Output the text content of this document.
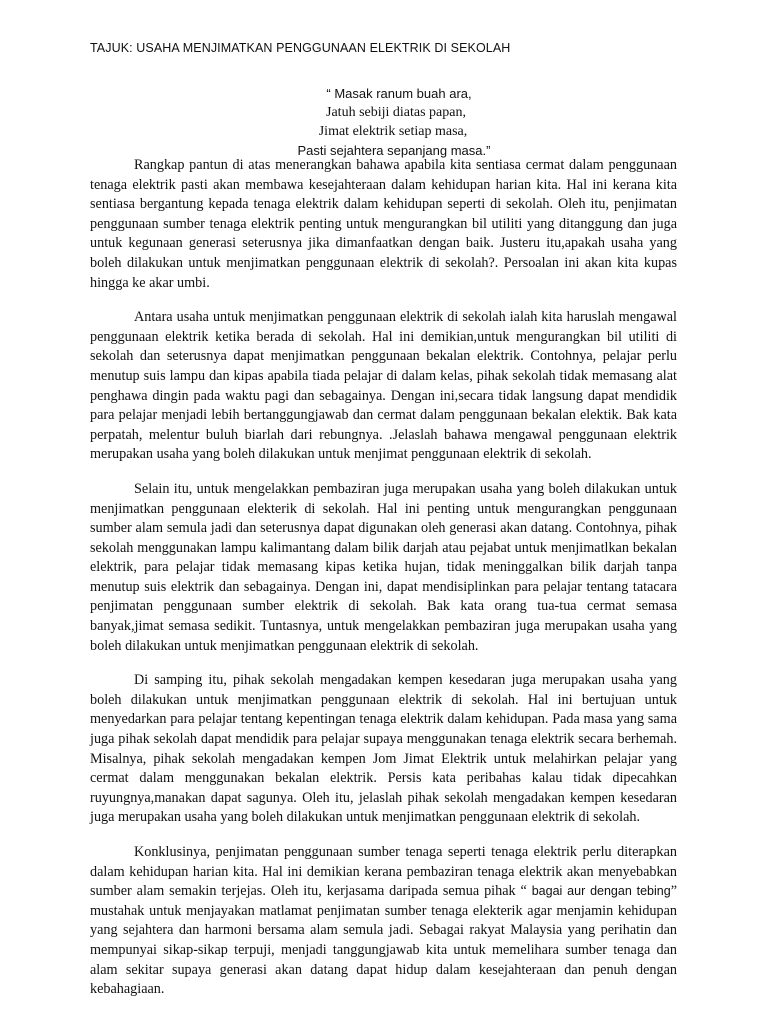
TAJUK: USAHA MENJIMATKAN PENGGUNAAN ELEKTRIK DI SEKOLAH
“ Masak ranum buah ara,
Jatuh sebiji diatas papan,
Jimat elektrik setiap masa,
Pasti sejahtera sepanjang masa.”

Rangkap pantun di atas menerangkan bahawa apabila kita sentiasa cermat dalam penggunaan tenaga elektrik pasti akan membawa kesejahteraan dalam kehidupan harian kita. Hal ini kerana kita sentiasa bergantung kepada tenaga elektrik dalam kehidupan seperti di sekolah. Oleh itu, penjimatan penggunaan sumber tenaga elektrik penting untuk mengurangkan bil utiliti yang ditanggung dan juga untuk kegunaan generasi seterusnya jika dimanfaatkan dengan baik. Justeru itu,apakah usaha yang boleh dilakukan untuk menjimatkan penggunaan elektrik di sekolah?. Persoalan ini akan kita kupas hingga ke akar umbi.

Antara usaha untuk menjimatkan penggunaan elektrik di sekolah ialah kita haruslah mengawal penggunaan elektrik ketika berada di sekolah. Hal ini demikian,untuk mengurangkan bil utiliti di sekolah dan seterusnya dapat menjimatkan penggunaan bekalan elektrik. Contohnya, pelajar perlu menutup suis lampu dan kipas apabila tiada pelajar di dalam kelas, pihak sekolah tidak memasang alat penghawa dingin pada waktu pagi dan sebagainya. Dengan ini,secara tidak langsung dapat mendidik para pelajar menjadi lebih bertanggungjawab dan cermat dalam penggunaan bekalan elektik. Bak kata perpatah, melentur buluh biarlah dari rebungnya. .Jelaslah bahawa mengawal penggunaan elektrik merupakan usaha yang boleh dilakukan untuk menjimat penggunaan elektrik di sekolah.

Selain itu, untuk mengelakkan pembaziran juga merupakan usaha yang boleh dilakukan untuk menjimatkan penggunaan elekterik di sekolah. Hal ini penting untuk mengurangkan penggunaan sumber alam semula jadi dan seterusnya dapat digunakan oleh generasi akan datang. Contohnya, pihak sekolah menggunakan lampu kalimantang dalam bilik darjah atau pejabat untuk menjimatlkan bekalan elektrik, para pelajar tidak memasang kipas ketika hujan, tidak meninggalkan bilik darjah tanpa menutup suis elektrik dan sebagainya. Dengan ini, dapat mendisiplinkan para pelajar tentang tatacara penjimatan penggunaan sumber elektrik di sekolah. Bak kata orang tua-tua cermat semasa banyak,jimat semasa sedikit. Tuntasnya, untuk mengelakkan pembaziran juga merupakan usaha yang boleh dilakukan untuk menjimatkan penggunaan elektrik di sekolah.

Di samping itu, pihak sekolah mengadakan kempen kesedaran juga merupakan usaha yang boleh dilakukan untuk menjimatkan penggunaan elektrik di sekolah. Hal ini bertujuan untuk menyedarkan para pelajar tentang kepentingan tenaga elektrik dalam kehidupan. Pada masa yang sama juga pihak sekolah dapat mendidik para pelajar supaya menggunakan tenaga elektrik secara berhemah. Misalnya, pihak sekolah mengadakan kempen Jom Jimat Elektrik untuk melahirkan pelajar yang cermat dalam menggunakan bekalan elektrik. Persis kata peribahas kalau tidak dipecahkan ruyungnya,manakan dapat sagunya. Oleh itu, jelaslah pihak sekolah mengadakan kempen kesedaran juga merupakan usaha yang boleh dilakukan untuk menjimatkan penggunaan elektrik di sekolah.

Konklusinya, penjimatan penggunaan sumber tenaga seperti tenaga elektrik perlu diterapkan dalam kehidupan harian kita. Hal ini demikian kerana pembaziran tenaga elektrik akan menyebabkan sumber alam semakin terjejas. Oleh itu, kerjasama daripada semua pihak “ bagai aur dengan tebing” mustahak untuk menjayakan matlamat penjimatan sumber tenaga elekterik agar menjamin kehidupan yang sejahtera dan harmoni bersama alam semula jadi. Sebagai rakyat Malaysia yang perihatin dan mempunyai sikap-sikap terpuji, menjadi tanggungjawab kita untuk memelihara sumber tenaga dan alam sekitar supaya generasi akan datang dapat hidup dalam kesejahteraan dan penuh dengan kebahagiaan.
